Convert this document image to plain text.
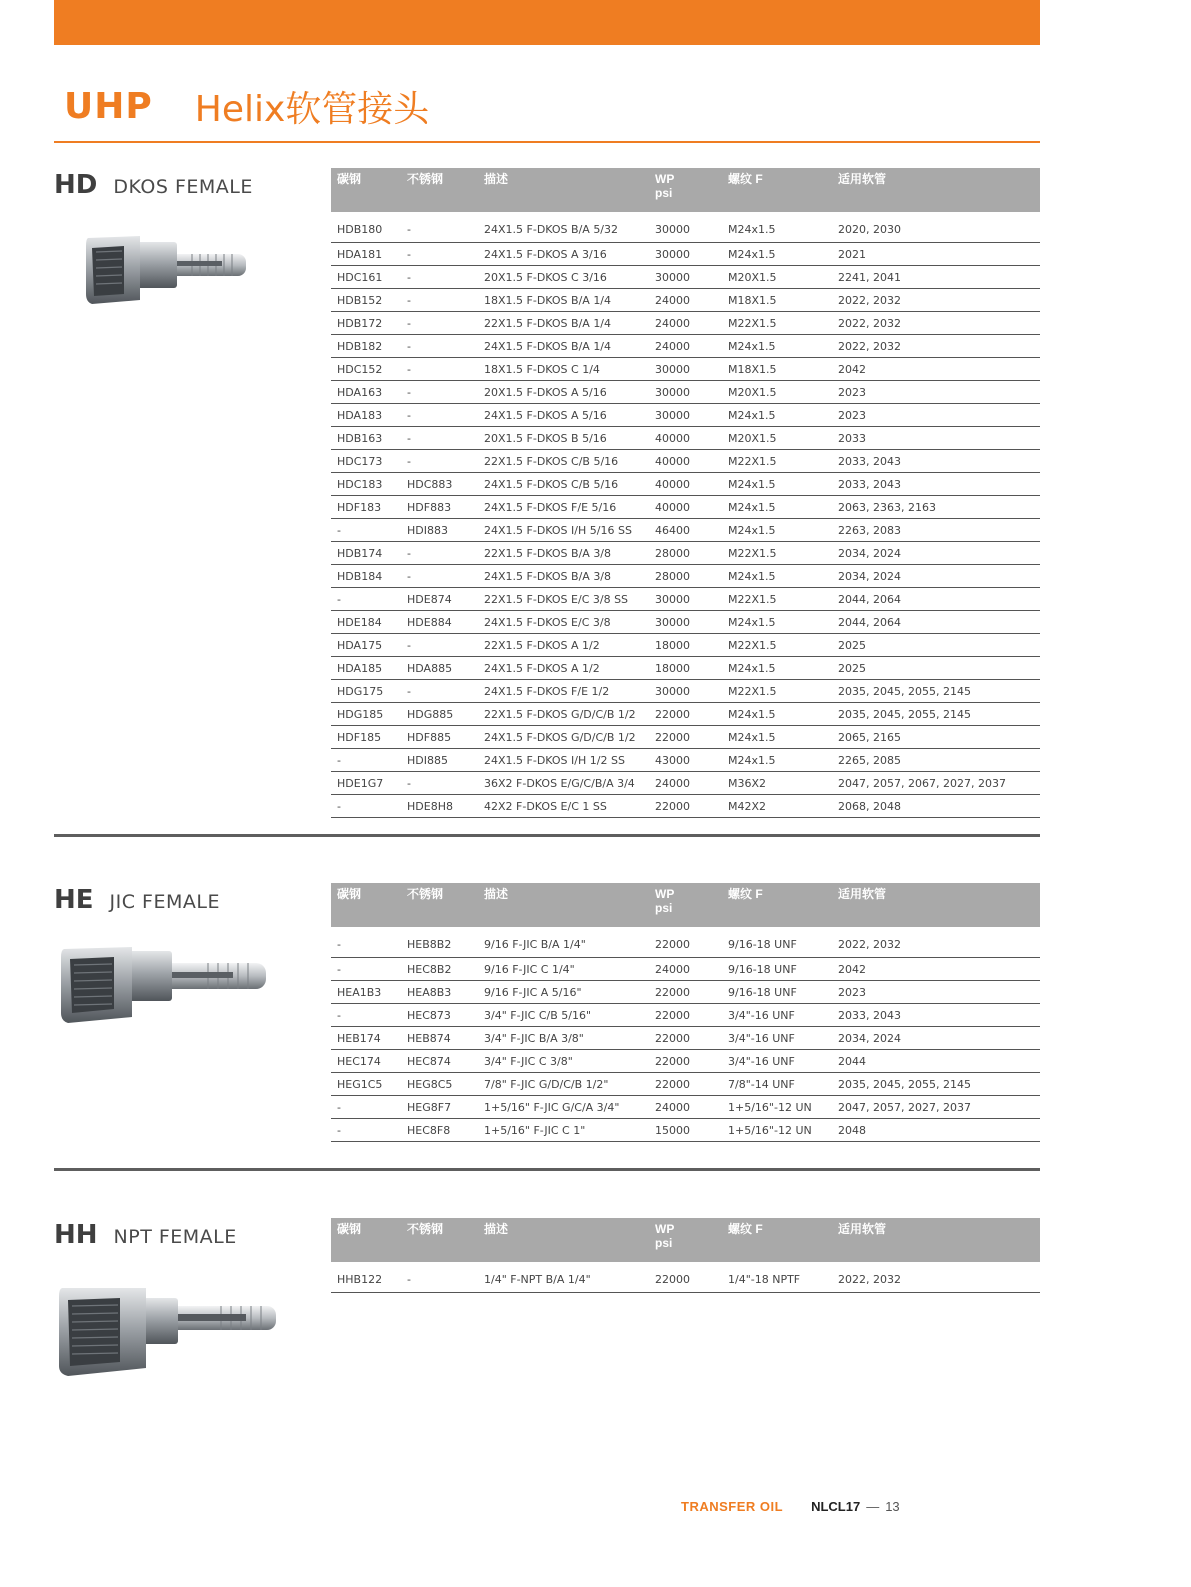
UHP Helix软管接头
HD DKOS FEMALE	碳钢	不锈钢	描述	WP
psi	螺纹 F	适用软管
HDB180	-	24X1.5 F-DKOS B/A 5/32	30000	M24x1.5	2020, 2030
HDA181	-	24X1.5 F-DKOS A 3/16	30000	M24x1.5	2021
HDC161	-	20X1.5 F-DKOS C 3/16	30000	M20X1.5	2241, 2041
HDB152	-	18X1.5 F-DKOS B/A 1/4	24000	M18X1.5	2022, 2032
HDB172	-	22X1.5 F-DKOS B/A 1/4	24000	M22X1.5	2022, 2032
HDB182	-	24X1.5 F-DKOS B/A 1/4	24000	M24x1.5	2022, 2032
HDC152	-	18X1.5 F-DKOS C 1/4	30000	M18X1.5	2042
HDA163	-	20X1.5 F-DKOS A 5/16	30000	M20X1.5	2023
HDA183	-	24X1.5 F-DKOS A 5/16	30000	M24x1.5	2023
HDB163	-	20X1.5 F-DKOS B 5/16	40000	M20X1.5	2033
HDC173	-	22X1.5 F-DKOS C/B 5/16	40000	M22X1.5	2033, 2043
HDC183	HDC883	24X1.5 F-DKOS C/B 5/16	40000	M24x1.5	2033, 2043
HDF183	HDF883	24X1.5 F-DKOS F/E 5/16	40000	M24x1.5	2063, 2363, 2163
-	HDI883	24X1.5 F-DKOS I/H 5/16 SS	46400	M24x1.5	2263, 2083
HDB174	-	22X1.5 F-DKOS B/A 3/8	28000	M22X1.5	2034, 2024
HDB184	-	24X1.5 F-DKOS B/A 3/8	28000	M24x1.5	2034, 2024
-	HDE874	22X1.5 F-DKOS E/C 3/8 SS	30000	M22X1.5	2044, 2064
HDE184	HDE884	24X1.5 F-DKOS E/C 3/8	30000	M24x1.5	2044, 2064
HDA175	-	22X1.5 F-DKOS A 1/2	18000	M22X1.5	2025
HDA185	HDA885	24X1.5 F-DKOS A 1/2	18000	M24x1.5	2025
HDG175	-	24X1.5 F-DKOS F/E 1/2	30000	M22X1.5	2035, 2045, 2055, 2145
HDG185	HDG885	22X1.5 F-DKOS G/D/C/B 1/2	22000	M24x1.5	2035, 2045, 2055, 2145
HDF185	HDF885	24X1.5 F-DKOS G/D/C/B 1/2	22000	M24x1.5	2065, 2165
-	HDI885	24X1.5 F-DKOS I/H 1/2 SS	43000	M24x1.5	2265, 2085
HDE1G7	-	36X2 F-DKOS E/G/C/B/A 3/4	24000	M36X2	2047, 2057, 2067, 2027, 2037
-	HDE8H8	42X2 F-DKOS E/C 1 SS	22000	M42X2	2068, 2048
HE JIC FEMALE	碳钢	不锈钢	描述	WP
psi	螺纹 F	适用软管
-	HEB8B2	9/16 F-JIC B/A 1/4"	22000	9/16-18 UNF	2022, 2032
-	HEC8B2	9/16 F-JIC C 1/4"	24000	9/16-18 UNF	2042
HEA1B3	HEA8B3	9/16 F-JIC A 5/16"	22000	9/16-18 UNF	2023
-	HEC873	3/4" F-JIC C/B 5/16"	22000	3/4"-16 UNF	2033, 2043
HEB174	HEB874	3/4" F-JIC B/A 3/8"	22000	3/4"-16 UNF	2034, 2024
HEC174	HEC874	3/4" F-JIC C 3/8"	22000	3/4"-16 UNF	2044
HEG1C5	HEG8C5	7/8" F-JIC G/D/C/B 1/2"	22000	7/8"-14 UNF	2035, 2045, 2055, 2145
-	HEG8F7	1+5/16" F-JIC G/C/A 3/4"	24000	1+5/16"-12 UN	2047, 2057, 2027, 2037
-	HEC8F8	1+5/16" F-JIC C 1"	15000	1+5/16"-12 UN	2048
HH NPT FEMALE	碳钢	不锈钢	描述	WP
psi	螺纹 F	适用软管
HHB122	-	1/4" F-NPT B/A 1/4"	22000	1/4"-18 NPTF	2022, 2032
TRANSFER OIL NLCL17 — 13
